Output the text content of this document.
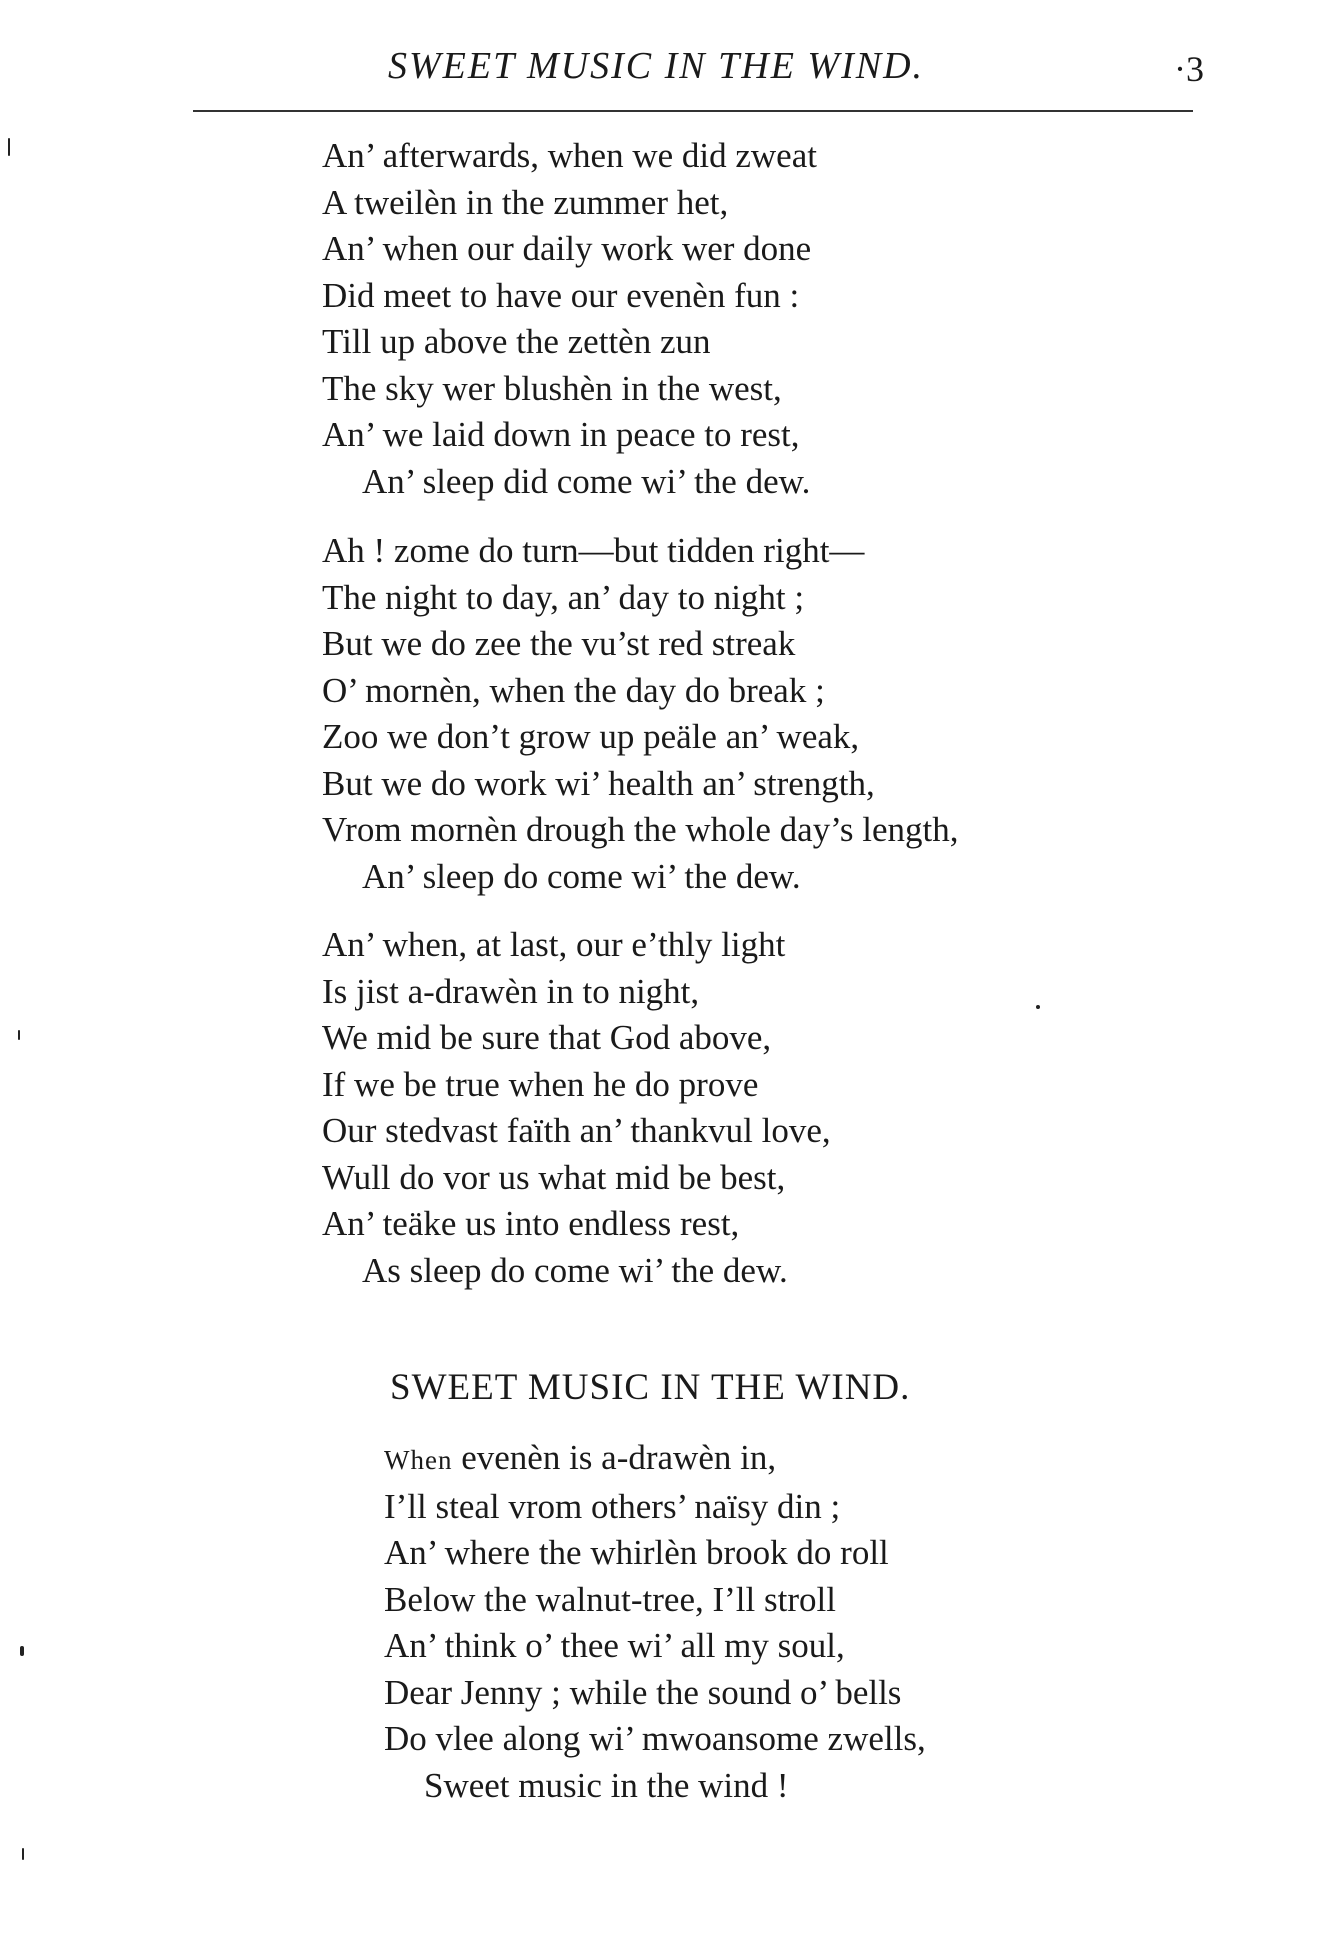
SWEET MUSIC IN THE WIND.	·3
An’ afterwards, when we did zweat
A tweilèn in the zummer het,
An’ when our daily work wer done
Did meet to have our evenèn fun :
Till up above the zettèn zun
The sky wer blushèn in the west,
An’ we laid down in peace to rest,
An’ sleep did come wi’ the dew.
Ah ! zome do turn—but tidden right—
The night to day, an’ day to night ;
But we do zee the vu’st red streak
O’ mornèn, when the day do break ;
Zoo we don’t grow up peäle an’ weak,
But we do work wi’ health an’ strength,
Vrom mornèn drough the whole day’s length,
An’ sleep do come wi’ the dew.
An’ when, at last, our e’thly light
Is jist a-drawèn in to night,
We mid be sure that God above,
If we be true when he do prove
Our stedvast faïth an’ thankvul love,
Wull do vor us what mid be best,
An’ teäke us into endless rest,
As sleep do come wi’ the dew.
SWEET MUSIC IN THE WIND.
When evenèn is a-drawèn in,
I’ll steal vrom others’ naïsy din ;
An’ where the whirlèn brook do roll
Below the walnut-tree, I’ll stroll
An’ think o’ thee wi’ all my soul,
Dear Jenny ; while the sound o’ bells
Do vlee along wi’ mwoansome zwells,
Sweet music in the wind !
